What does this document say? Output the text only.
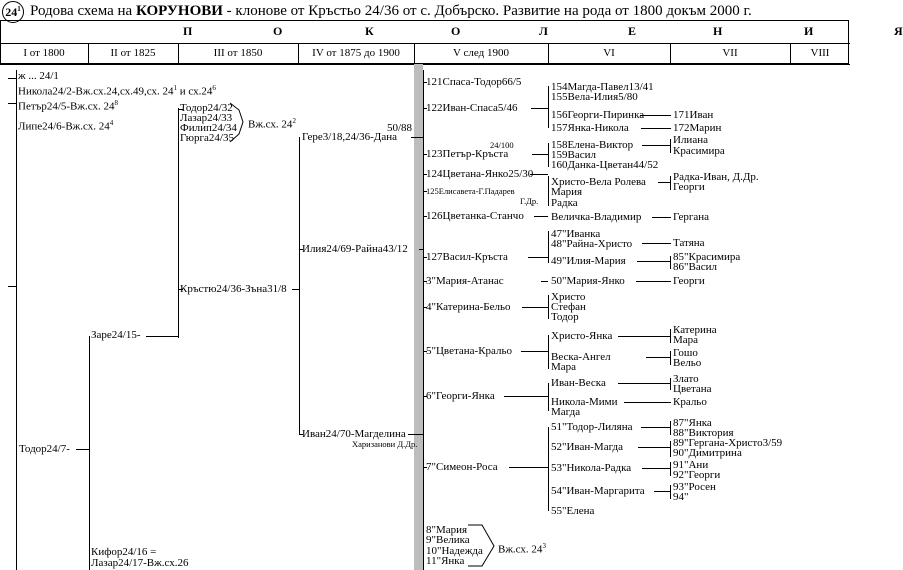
$24^1$ Родова схема на КОРУНОВИ - клонове от Кръстьо 24/36 от с. Добърско. Развитие на рода от 1800 докъм 2000 г.
П	О	К	О	Л	Е	Н	И	Я
I от 1800	II от 1825	III от 1850	IV от 1875 до 1900	V след 1900	VI	VII	VIII
ж ... 24/1
Никола24/2-Вж.сх.24,сх.49,сх. $24^1$ и $сх.24^6$
Петър24/5-Вж.сх. $24^8$
Липе24/6-Вж.сх. $24^4$
Тодор24/7-
Заре24/15-
Кифор24/16 =
Лазар24/17-Вж.сх.26
Тодор24/32
Лазар24/33
Филип24/34
Гюрга24/35
Вж.сх. $24^2$
Кръстю24/36-Зъна31/8
50/88
Гере3/18,24/36-Дана
Илия24/69-Райна43/12
Иван24/70-Магделина
Харизанови Д.Др.
121Спаса-Тодор66/5
122Иван-Спаса5/46
24/100
123Петър-Кръста
124Цветана-Янко25/30
125Елисавета-Г.Падарев
Г.Др.
126Цветанка-Станчо
127Васил-Кръста
3"Мария-Атанас
4"Катерина-Бельо
5"Цветана-Кральо
6"Георги-Янка
7"Симеон-Роса
8"Мария
9"Велика
10"Надежда
11"Янка
Вж.сх. $24^3$
154Магда-Павел13/41
155Вела-Илия5/80
156Георги-Пиринка
157Янка-Никола
158Елена-Виктор
159Васил
160Данка-Цветан44/52
Христо-Вела Ролева
Мария
Радка
Величка-Владимир
47"Иванка
48"Райна-Христо
49"Илия-Мария
50"Мария-Янко
Христо
Стефан
Тодор
Христо-Янка
Веска-Ангел
Мара
Иван-Веска
Никола-Мими
Магда
51"Тодор-Лиляна
52"Иван-Магда
53"Никола-Радка
54"Иван-Маргарита
55"Елена
171Иван
172Марин
Илиана
Красимира
Радка-Иван, Д.Др.
Георги
Гергана
Татяна
85"Красимира
86"Васил
Георги
Катерина
Мара
Гошо
Вельо
Злато
Цветана
Кральо
87"Янка
88"Виктория
89"Гергана-Христо3/59
90"Димитрина
91"Ани
92"Георги
93"Росен
94"
